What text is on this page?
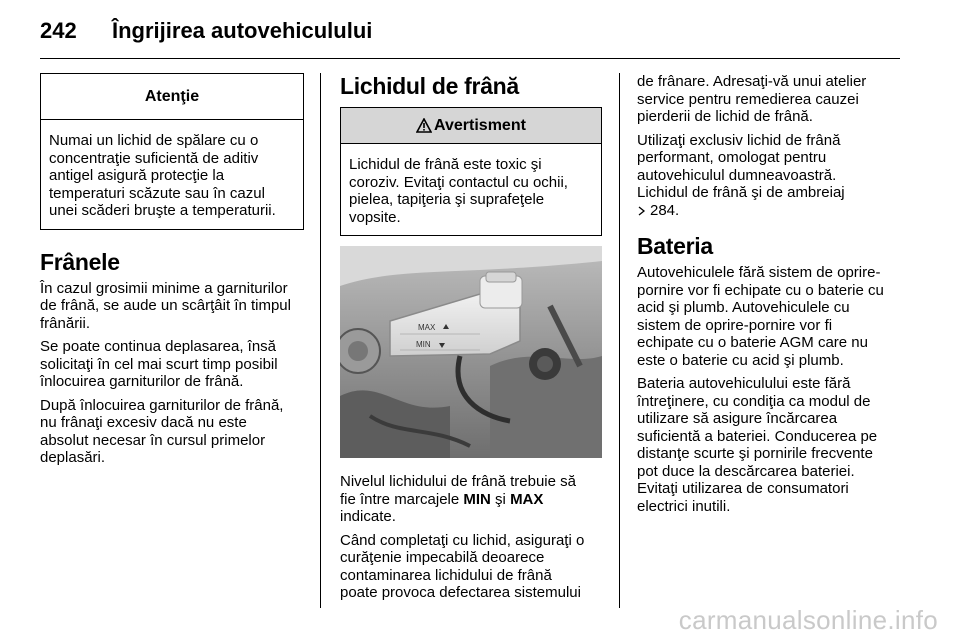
242 Îngrijirea autovehiculului
Atenţie
Numai un lichid de spălare cu o
concentraţie suficientă de aditiv
antigel asigură protecţie la
temperaturi scăzute sau în cazul
unei scăderi bruşte a temperaturii.
Frânele

În cazul grosimii minime a garniturilor
de frână, se aude un scârţâit în timpul
frânării.

Se poate continua deplasarea, însă
solicitaţi în cel mai scurt timp posibil
înlocuirea garniturilor de frână.

După înlocuirea garniturilor de frână,
nu frânaţi excesiv dacă nu este
absolut necesar în cursul primelor
deplasări.

Lichidul de frână
Avertisment
Lichidul de frână este toxic şi
coroziv. Evitaţi contactul cu ochii,
pielea, tapiţeria şi suprafeţele
vopsite.
MAX
MIN

Nivelul lichidului de frână trebuie să
fie între marcajele MIN şi MAX
indicate.

Când completaţi cu lichid, asiguraţi o
curăţenie impecabilă deoarece
contaminarea lichidului de frână
poate provoca defectarea sistemului

de frânare. Adresaţi-vă unui atelier
service pentru remedierea cauzei
pierderii de lichid de frână.

Utilizaţi exclusiv lichid de frână
performant, omologat pentru
autovehiculul dumneavoastră.
Lichidul de frână şi de ambreiaj
284.

Bateria

Autovehiculele fără sistem de oprire-
pornire vor fi echipate cu o baterie cu
acid şi plumb. Autovehiculele cu
sistem de oprire-pornire vor fi
echipate cu o baterie AGM care nu
este o baterie cu acid şi plumb.

Bateria autovehiculului este fără
întreţinere, cu condiţia ca modul de
utilizare să asigure încărcarea
suficientă a bateriei. Conducerea pe
distanţe scurte şi pornirile frecvente
pot duce la descărcarea bateriei.
Evitaţi utilizarea de consumatori
electrici inutili.

carmanualsonline.info
